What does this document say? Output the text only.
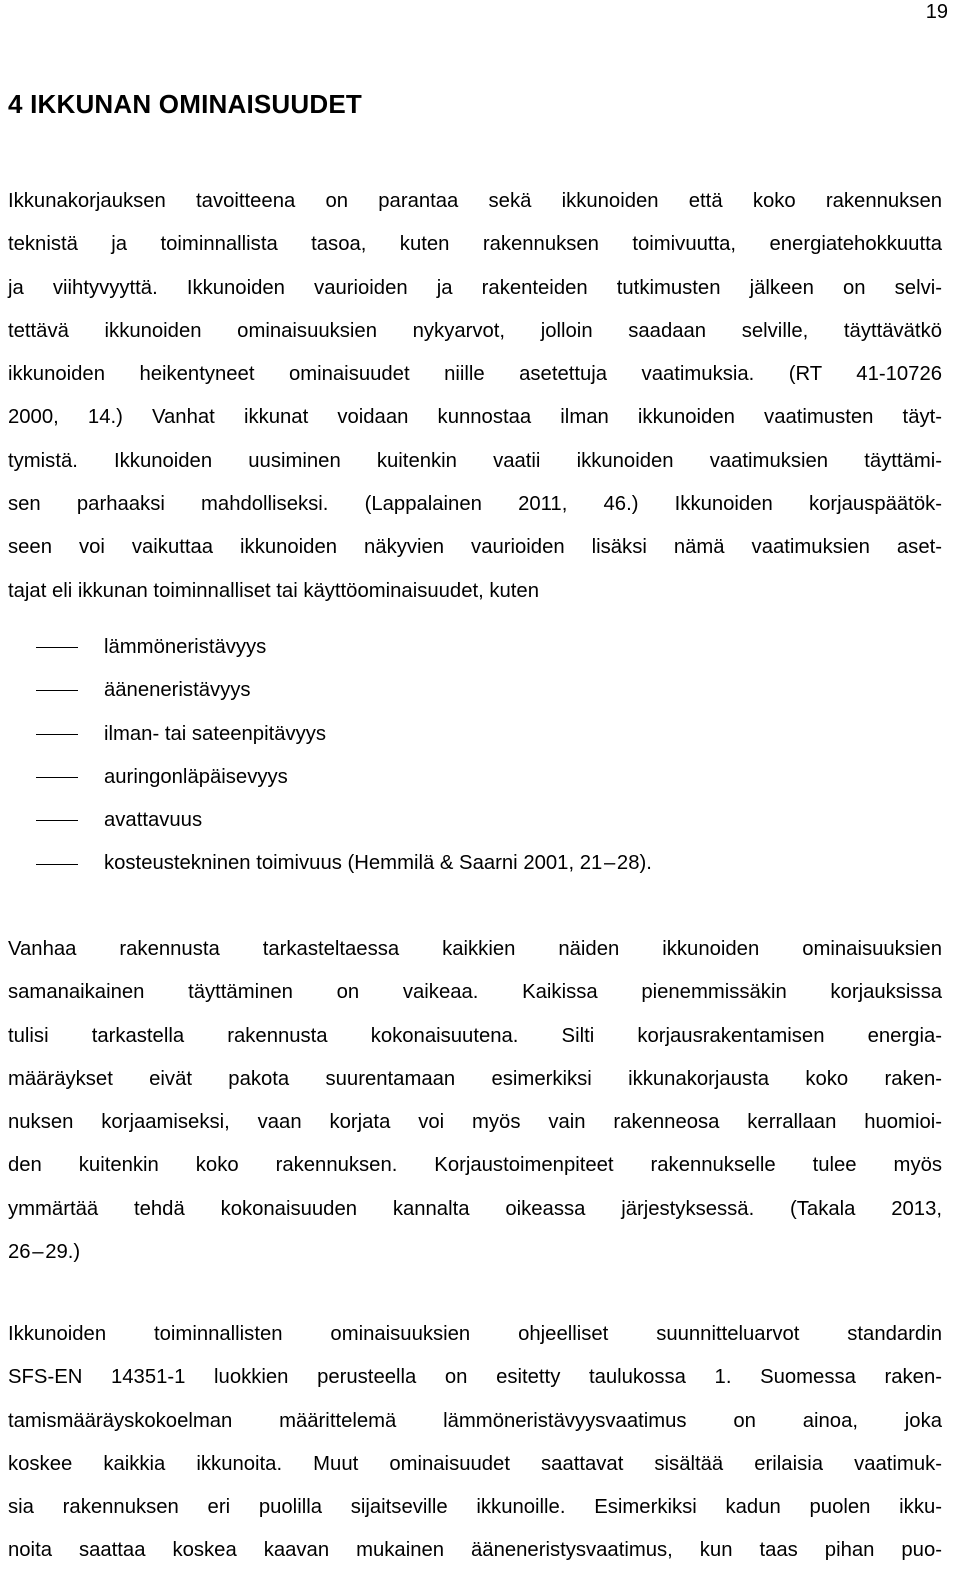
19
4 IKKUNAN OMINAISUUDET
Ikkunakorjauksen tavoitteena on parantaa sekä ikkunoiden että koko rakennuksen
teknistä ja toiminnallista tasoa, kuten rakennuksen toimivuutta, energiatehokkuutta
ja viihtyvyyttä. Ikkunoiden vaurioiden ja rakenteiden tutkimusten jälkeen on selvi-
tettävä ikkunoiden ominaisuuksien nykyarvot, jolloin saadaan selville, täyttävätkö
ikkunoiden heikentyneet ominaisuudet niille asetettuja vaatimuksia. (RT 41-10726
2000, 14.) Vanhat ikkunat voidaan kunnostaa ilman ikkunoiden vaatimusten täyt-
tymistä. Ikkunoiden uusiminen kuitenkin vaatii ikkunoiden vaatimuksien täyttämi-
sen parhaaksi mahdolliseksi. (Lappalainen 2011, 46.) Ikkunoiden korjauspäätök-
seen voi vaikuttaa ikkunoiden näkyvien vaurioiden lisäksi nämä vaatimuksien aset-
tajat eli ikkunan toiminnalliset tai käyttöominaisuudet, kuten
lämmöneristävyys
ääneneristävyys
ilman- tai sateenpitävyys
auringonläpäisevyys
avattavuus
kosteustekninen toimivuus (Hemmilä & Saarni 2001, 21 – 28).
Vanhaa rakennusta tarkasteltaessa kaikkien näiden ikkunoiden ominaisuuksien
samanaikainen täyttäminen on vaikeaa. Kaikissa pienemmissäkin korjauksissa
tulisi tarkastella rakennusta kokonaisuutena. Silti korjausrakentamisen energia-
määräykset eivät pakota suurentamaan esimerkiksi ikkunakorjausta koko raken-
nuksen korjaamiseksi, vaan korjata voi myös vain rakenneosa kerrallaan huomioi-
den kuitenkin koko rakennuksen. Korjaustoimenpiteet rakennukselle tulee myös
ymmärtää tehdä kokonaisuuden kannalta oikeassa järjestyksessä. (Takala 2013,
26 – 29.)
Ikkunoiden toiminnallisten ominaisuuksien ohjeelliset suunnitteluarvot standardin
SFS-EN 14351-1 luokkien perusteella on esitetty taulukossa 1. Suomessa raken-
tamismääräyskokoelman määrittelemä lämmöneristävyysvaatimus on ainoa, joka
koskee kaikkia ikkunoita. Muut ominaisuudet saattavat sisältää erilaisia vaatimuk-
sia rakennuksen eri puolilla sijaitseville ikkunoille. Esimerkiksi kadun puolen ikku-
noita saattaa koskea kaavan mukainen ääneneristysvaatimus, kun taas pihan puo-
